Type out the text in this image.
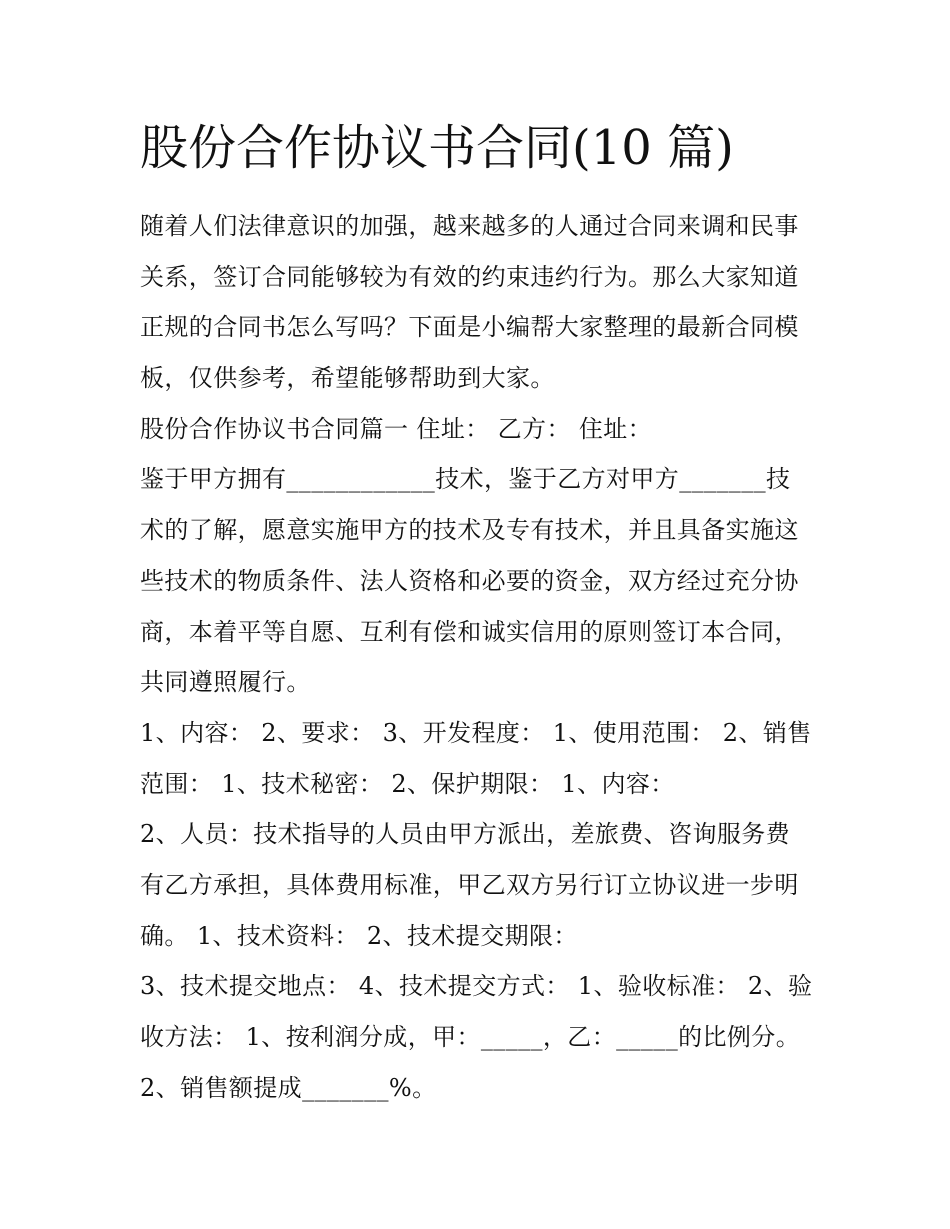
股份合作协议书合同(10 篇)
随着人们法律意识的加强，越来越多的人通过合同来调和民事
关系，签订合同能够较为有效的约束违约行为。那么大家知道
正规的合同书怎么写吗？下面是小编帮大家整理的最新合同模
板，仅供参考，希望能够帮助到大家。
股份合作协议书合同篇一 住址： 乙方： 住址：
鉴于甲方拥有____________技术，鉴于乙方对甲方_______技
术的了解，愿意实施甲方的技术及专有技术，并且具备实施这
些技术的物质条件、法人资格和必要的资金，双方经过充分协
商，本着平等自愿、互利有偿和诚实信用的原则签订本合同，
共同遵照履行。
1、内容： 2、要求： 3、开发程度： 1、使用范围： 2、销售
范围： 1、技术秘密： 2、保护期限： 1、内容：
2、人员：技术指导的人员由甲方派出，差旅费、咨询服务费
有乙方承担，具体费用标准，甲乙双方另行订立协议进一步明
确。 1、技术资料： 2、技术提交期限：
3、技术提交地点： 4、技术提交方式： 1、验收标准： 2、验
收方法： 1、按利润分成，甲：_____，乙：_____的比例分。
2、销售额提成_______%。
